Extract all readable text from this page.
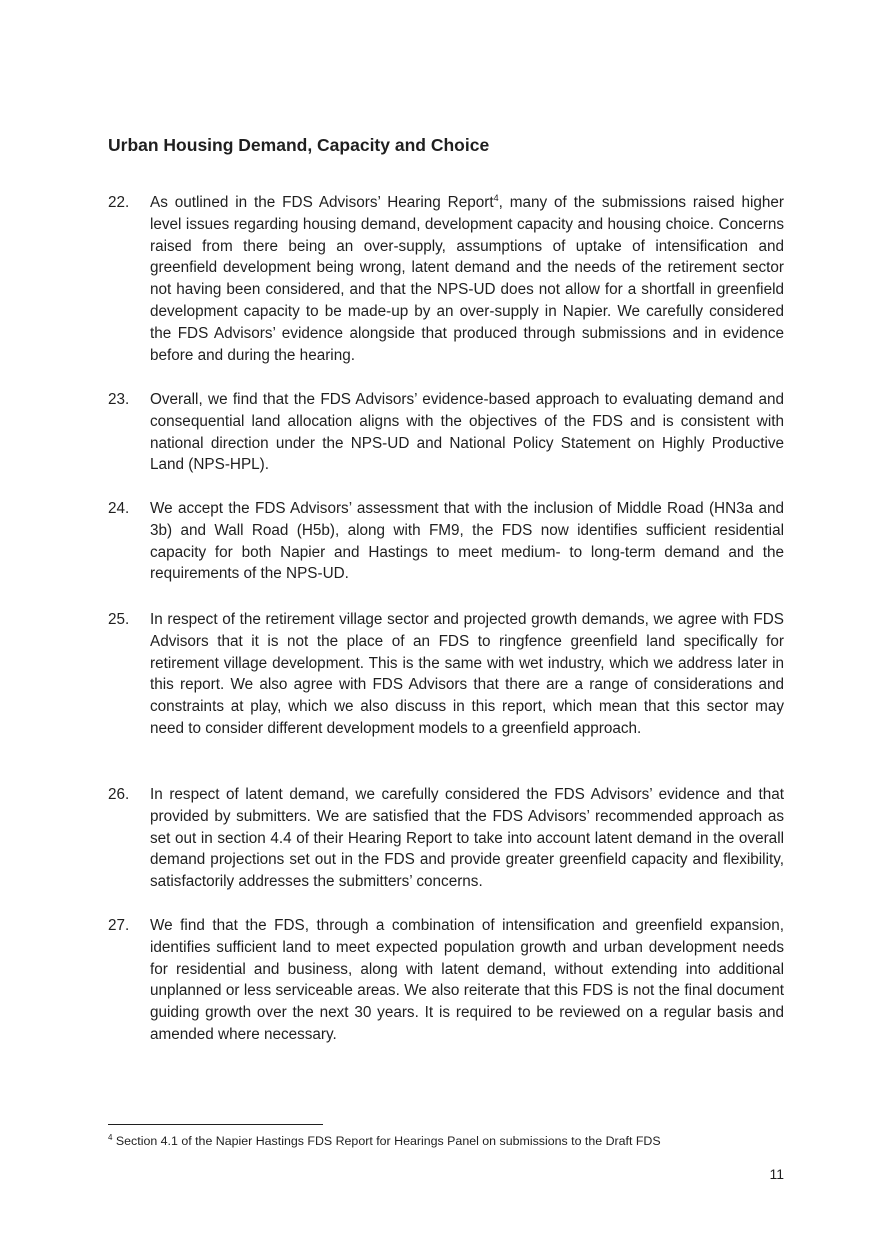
Urban Housing Demand, Capacity and Choice
22.	As outlined in the FDS Advisors’ Hearing Report$^4$, many of the submissions raised higher level issues regarding housing demand, development capacity and housing choice. Concerns raised from there being an over-supply, assumptions of uptake of intensification and greenfield development being wrong, latent demand and the needs of the retirement sector not having been considered, and that the NPS-UD does not allow for a shortfall in greenfield development capacity to be made-up by an over-supply in Napier. We carefully considered the FDS Advisors’ evidence alongside that produced through submissions and in evidence before and during the hearing.
23.	Overall, we find that the FDS Advisors’ evidence-based approach to evaluating demand and consequential land allocation aligns with the objectives of the FDS and is consistent with national direction under the NPS-UD and National Policy Statement on Highly Productive Land (NPS-HPL).
24.	We accept the FDS Advisors’ assessment that with the inclusion of Middle Road (HN3a and 3b) and Wall Road (H5b), along with FM9, the FDS now identifies sufficient residential capacity for both Napier and Hastings to meet medium- to long-term demand and the requirements of the NPS-UD.
25.	In respect of the retirement village sector and projected growth demands, we agree with FDS Advisors that it is not the place of an FDS to ringfence greenfield land specifically for retirement village development. This is the same with wet industry, which we address later in this report. We also agree with FDS Advisors that there are a range of considerations and constraints at play, which we also discuss in this report, which mean that this sector may need to consider different development models to a greenfield approach.
26.	In respect of latent demand, we carefully considered the FDS Advisors’ evidence and that provided by submitters. We are satisfied that the FDS Advisors’ recommended approach as set out in section 4.4 of their Hearing Report to take into account latent demand in the overall demand projections set out in the FDS and provide greater greenfield capacity and flexibility, satisfactorily addresses the submitters’ concerns.
27.	We find that the FDS, through a combination of intensification and greenfield expansion, identifies sufficient land to meet expected population growth and urban development needs for residential and business, along with latent demand, without extending into additional unplanned or less serviceable areas. We also reiterate that this FDS is not the final document guiding growth over the next 30 years. It is required to be reviewed on a regular basis and amended where necessary.
$^4$ Section 4.1 of the Napier Hastings FDS Report for Hearings Panel on submissions to the Draft FDS
11
